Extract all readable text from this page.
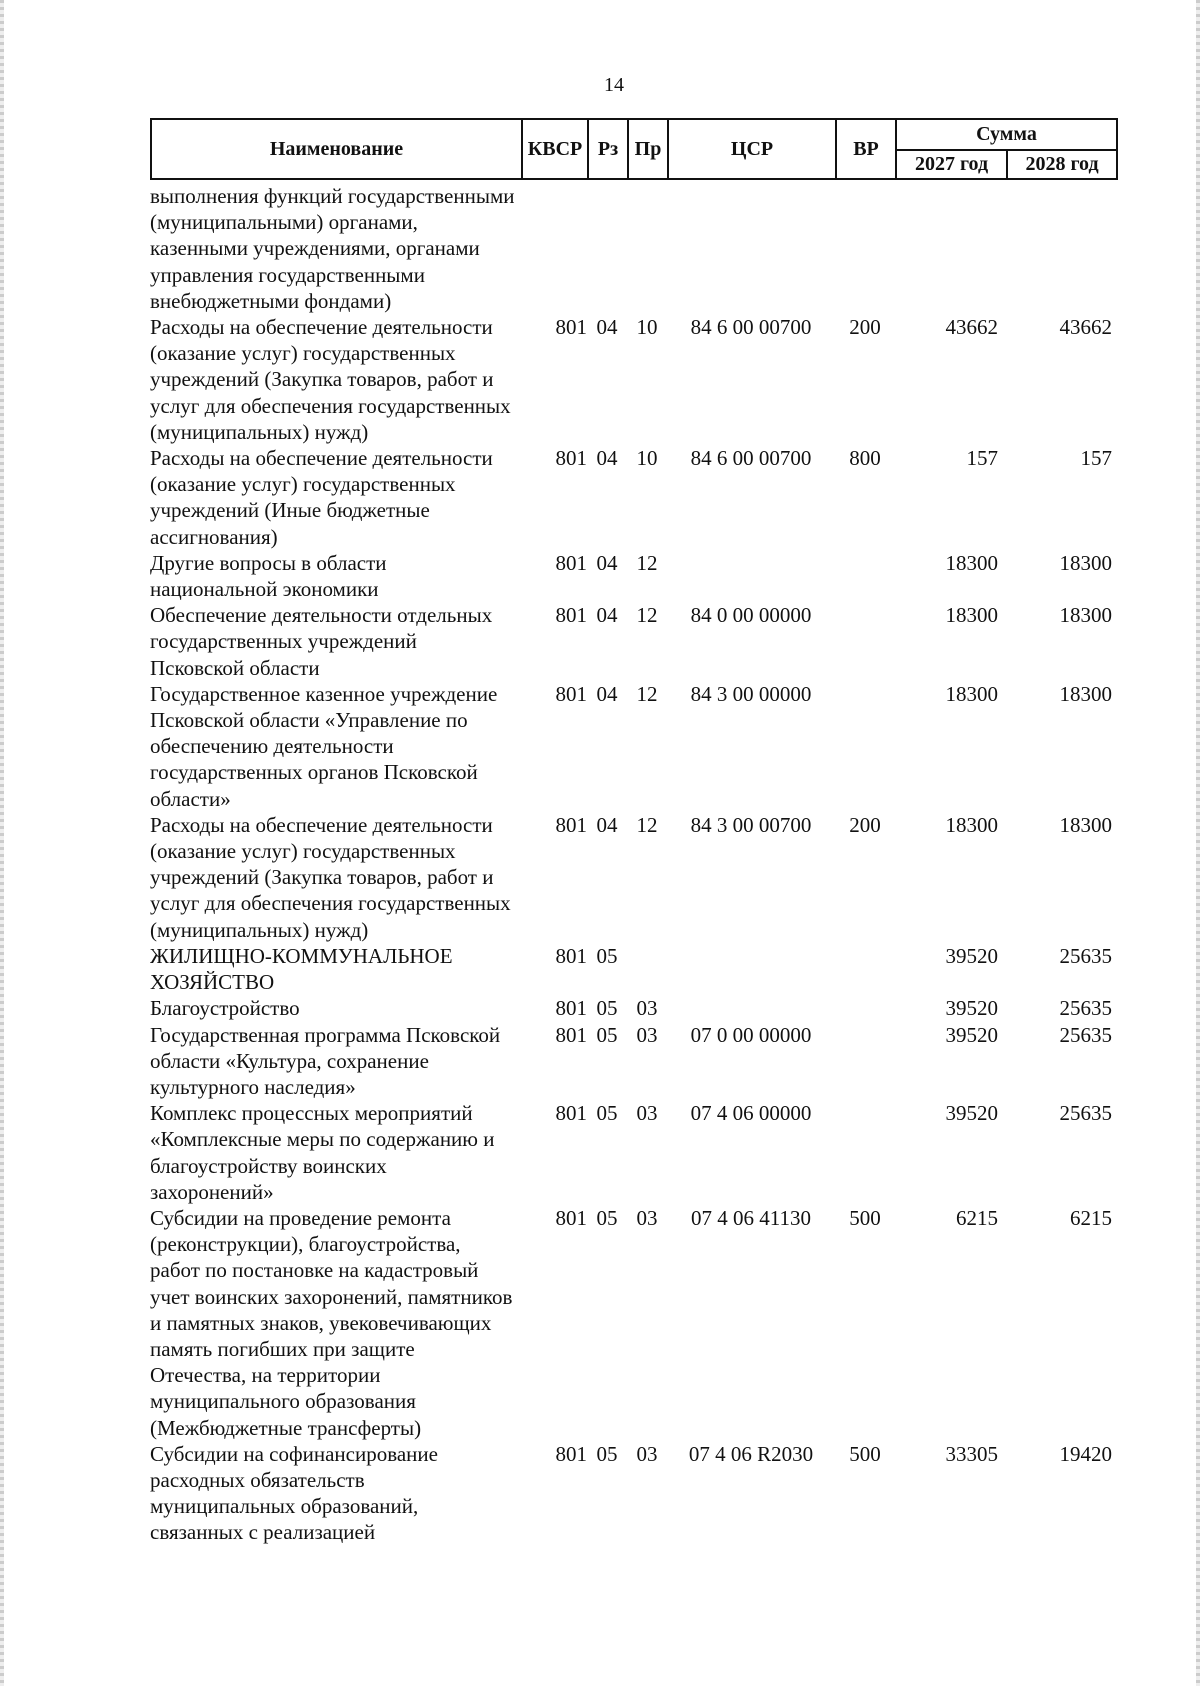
14
Наименование	КВСР	Рз	Пр	ЦСР	ВР	Сумма	
						2027 год	2028 год
выполнения функций государственными (муниципальными) органами, казенными учреждениями, органами управления государственными внебюджетными фондами)							
Расходы на обеспечение деятельности (оказание услуг) государственных учреждений (Закупка товаров, работ и услуг для обеспечения государственных (муниципальных) нужд)	801	04	10	84 6 00 00700	200	43662	43662
Расходы на обеспечение деятельности (оказание услуг) государственных учреждений (Иные бюджетные ассигнования)	801	04	10	84 6 00 00700	800	157	157
Другие вопросы в области национальной экономики	801	04	12			18300	18300
Обеспечение деятельности отдельных государственных учреждений Псковской области	801	04	12	84 0 00 00000		18300	18300
Государственное казенное учреждение Псковской области «Управление по обеспечению деятельности государственных органов Псковской области»	801	04	12	84 3 00 00000		18300	18300
Расходы на обеспечение деятельности (оказание услуг) государственных учреждений (Закупка товаров, работ и услуг для обеспечения государственных (муниципальных) нужд)	801	04	12	84 3 00 00700	200	18300	18300
ЖИЛИЩНО-КОММУНАЛЬНОЕ ХОЗЯЙСТВО	801	05				39520	25635
Благоустройство	801	05	03			39520	25635
Государственная программа Псковской области «Культура, сохранение культурного наследия»	801	05	03	07 0 00 00000		39520	25635
Комплекс процессных мероприятий «Комплексные меры по содержанию и благоустройству воинских захоронений»	801	05	03	07 4 06 00000		39520	25635
Субсидии на проведение ремонта (реконструкции), благоустройства, работ по постановке на кадастровый учет воинских захоронений, памятников и памятных знаков, увековечивающих память погибших при защите Отечества, на территории муниципального образования (Межбюджетные трансферты)	801	05	03	07 4 06 41130	500	6215	6215
Субсидии на софинансирование расходных обязательств муниципальных образований, связанных с реализацией	801	05	03	07 4 06 R2030	500	33305	19420
